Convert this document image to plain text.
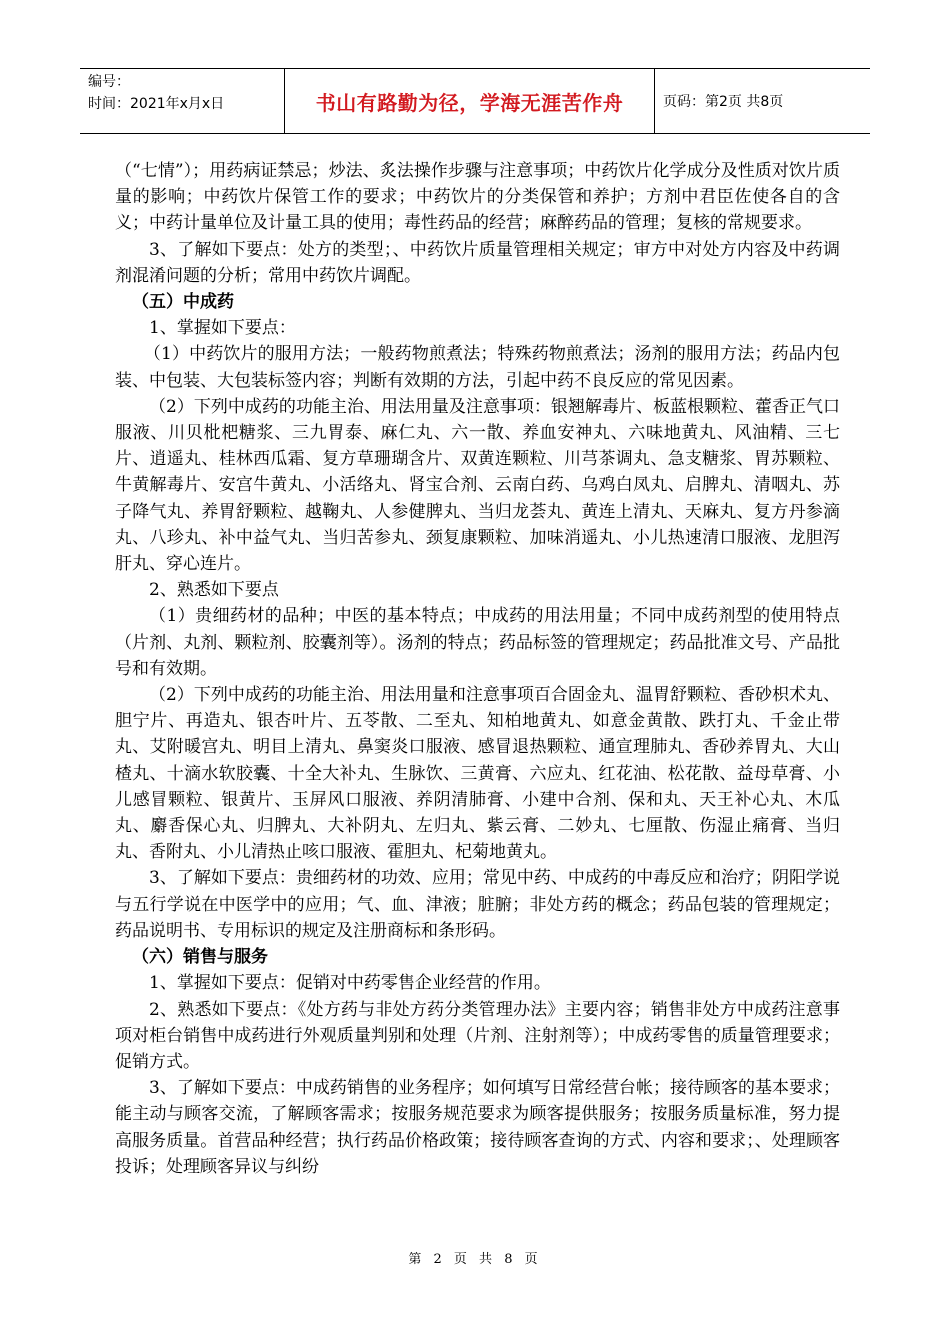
编号：
时间：2021年x月x日	书山有路勤为径，学海无涯苦作舟	页码：第2页 共8页

（“七情”）；用药病证禁忌；炒法、炙法操作步骤与注意事项；中药饮片化学成分及性质对饮片质量的影响；中药饮片保管工作的要求；中药饮片的分类保管和养护；方剂中君臣佐使各自的含义；中药计量单位及计量工具的使用；毒性药品的经营；麻醉药品的管理；复核的常规要求。

3、了解如下要点：处方的类型；、中药饮片质量管理相关规定；审方中对处方内容及中药调剂混淆问题的分析；常用中药饮片调配。

（五）中成药

1、掌握如下要点：

（1）中药饮片的服用方法；一般药物煎煮法；特殊药物煎煮法；汤剂的服用方法；药品内包装、中包装、大包装标签内容；判断有效期的方法，引起中药不良反应的常见因素。

（2）下列中成药的功能主治、用法用量及注意事项：银翘解毒片、板蓝根颗粒、藿香正气口服液、川贝枇杷糖浆、三九胃泰、麻仁丸、六一散、养血安神丸、六味地黄丸、风油精、三七片、逍遥丸、桂林西瓜霜、复方草珊瑚含片、双黄连颗粒、川芎茶调丸、急支糖浆、胃苏颗粒、牛黄解毒片、安宫牛黄丸、小活络丸、肾宝合剂、云南白药、乌鸡白凤丸、启脾丸、清咽丸、苏子降气丸、养胃舒颗粒、越鞠丸、人参健脾丸、当归龙荟丸、黄连上清丸、天麻丸、复方丹参滴丸、八珍丸、补中益气丸、当归苦参丸、颈复康颗粒、加味消遥丸、小儿热速清口服液、龙胆泻肝丸、穿心连片。

2、熟悉如下要点

（1）贵细药材的品种；中医的基本特点；中成药的用法用量；不同中成药剂型的使用特点（片剂、丸剂、颗粒剂、胶囊剂等）。汤剂的特点；药品标签的管理规定；药品批准文号、产品批号和有效期。

（2）下列中成药的功能主治、用法用量和注意事项百合固金丸、温胃舒颗粒、香砂枳术丸、胆宁片、再造丸、银杏叶片、五苓散、二至丸、知柏地黄丸、如意金黄散、跌打丸、千金止带丸、艾附暖宫丸、明目上清丸、鼻窦炎口服液、感冒退热颗粒、通宣理肺丸、香砂养胃丸、大山楂丸、十滴水软胶囊、十全大补丸、生脉饮、三黄膏、六应丸、红花油、松花散、益母草膏、小儿感冒颗粒、银黄片、玉屏风口服液、养阴清肺膏、小建中合剂、保和丸、天王补心丸、木瓜丸、麝香保心丸、归脾丸、大补阴丸、左归丸、紫云膏、二妙丸、七厘散、伤湿止痛膏、当归丸、香附丸、小儿清热止咳口服液、霍胆丸、杞菊地黄丸。

3、了解如下要点：贵细药材的功效、应用；常见中药、中成药的中毒反应和治疗；阴阳学说与五行学说在中医学中的应用；气、血、津液；脏腑；非处方药的概念；药品包装的管理规定；药品说明书、专用标识的规定及注册商标和条形码。

（六）销售与服务

1、掌握如下要点：促销对中药零售企业经营的作用。

2、熟悉如下要点：《处方药与非处方药分类管理办法》主要内容；销售非处方中成药注意事项对柜台销售中成药进行外观质量判别和处理（片剂、注射剂等）；中成药零售的质量管理要求；促销方式。

3、了解如下要点：中成药销售的业务程序；如何填写日常经营台帐；接待顾客的基本要求；能主动与顾客交流，了解顾客需求；按服务规范要求为顾客提供服务；按服务质量标准，努力提高服务质量。首营品种经营；执行药品价格政策；接待顾客查询的方式、内容和要求；、处理顾客投诉；处理顾客异议与纠纷

第 2 页 共 8 页
